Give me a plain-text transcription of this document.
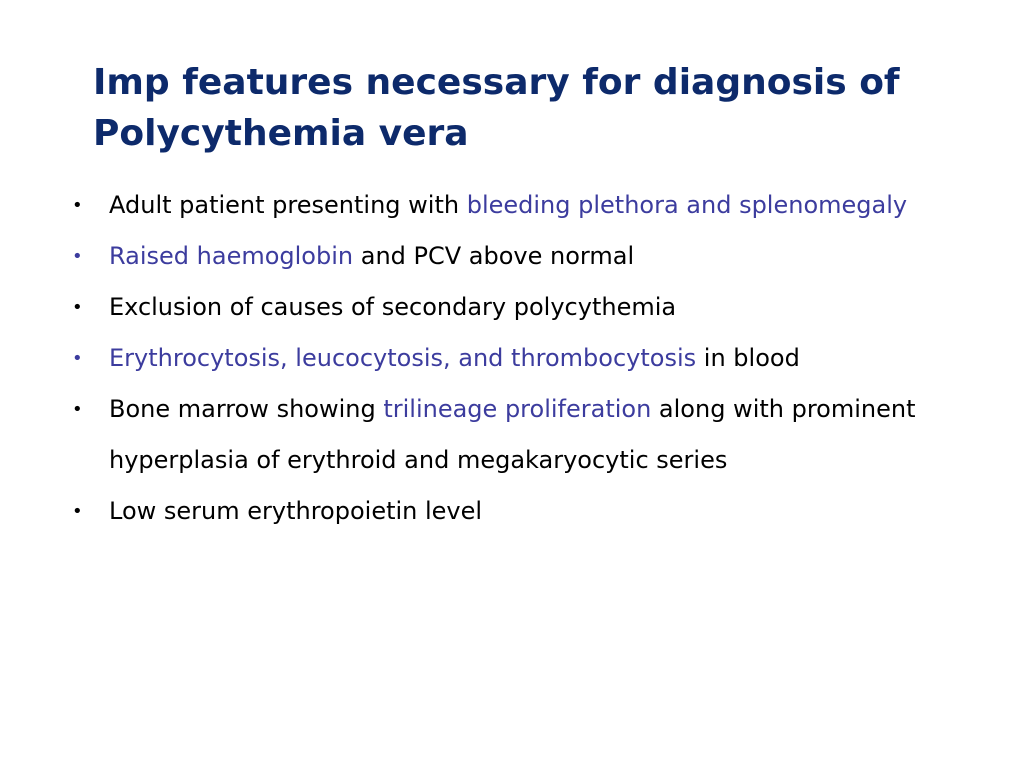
Imp features necessary for diagnosis of Polycythemia vera
• Adult patient presenting with bleeding plethora and splenomegaly
• Raised haemoglobin and PCV above normal
• Exclusion of causes of secondary polycythemia
• Erythrocytosis, leucocytosis, and thrombocytosis in blood
• Bone marrow showing trilineage proliferation along with prominent hyperplasia of erythroid and megakaryocytic series
• Low serum erythropoietin level
